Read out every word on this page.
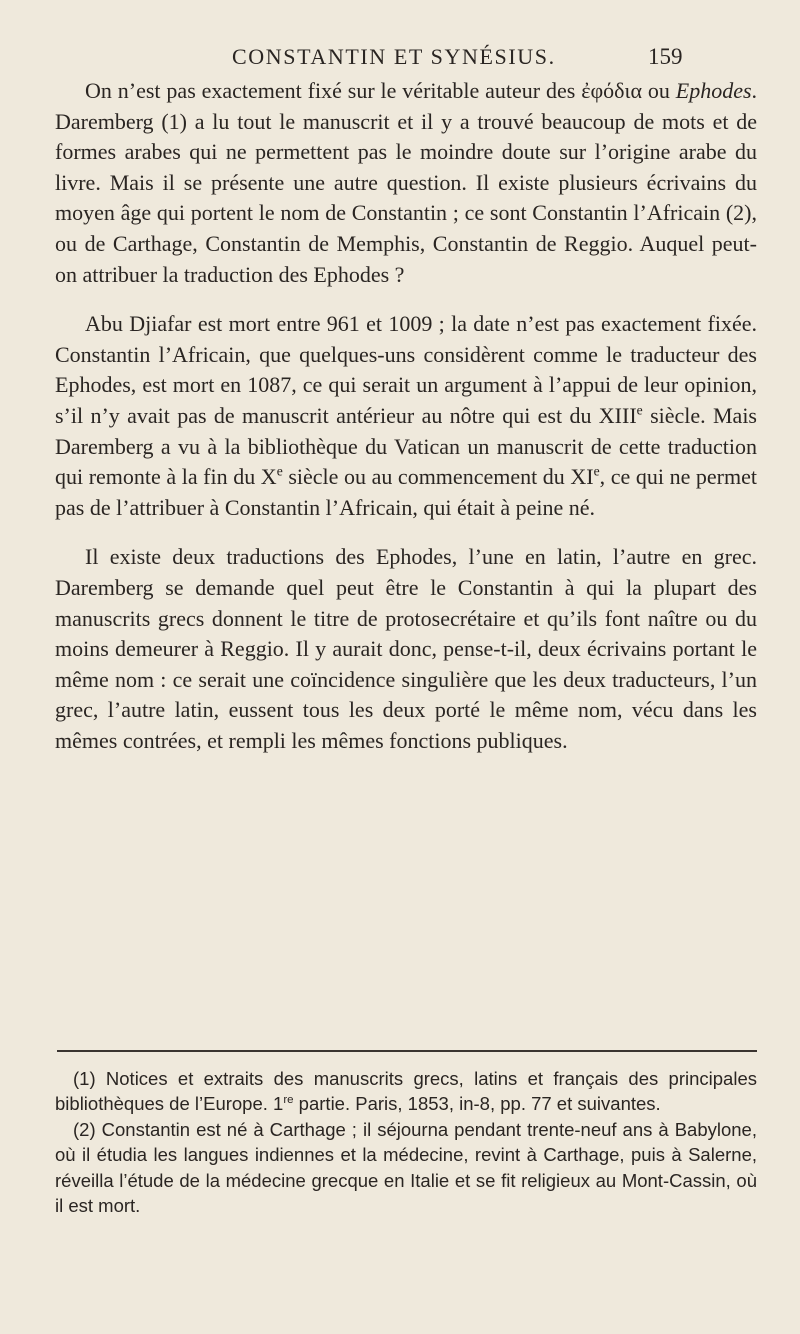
CONSTANTIN ET SYNÉSIUS.	159

On n’est pas exactement fixé sur le véritable auteur des ἐφόδια ou Ephodes. Daremberg (1) a lu tout le manuscrit et il y a trouvé beaucoup de mots et de formes arabes qui ne permettent pas le moindre doute sur l’origine arabe du livre. Mais il se présente une autre question. Il existe plusieurs écrivains du moyen âge qui portent le nom de Constantin ; ce sont Constantin l’Africain (2), ou de Carthage, Constantin de Memphis, Constantin de Reggio. Auquel peut-on attribuer la traduction des Ephodes ?

Abu Djiafar est mort entre 961 et 1009 ; la date n’est pas exactement fixée. Constantin l’Africain, que quelques-uns considèrent comme le traducteur des Ephodes, est mort en 1087, ce qui serait un argument à l’appui de leur opinion, s’il n’y avait pas de manuscrit antérieur au nôtre qui est du XIIIe siècle. Mais Daremberg a vu à la bibliothèque du Vatican un manuscrit de cette traduction qui remonte à la fin du Xe siècle ou au commencement du XIe, ce qui ne permet pas de l’attribuer à Constantin l’Africain, qui était à peine né.

Il existe deux traductions des Ephodes, l’une en latin, l’autre en grec. Daremberg se demande quel peut être le Constantin à qui la plupart des manuscrits grecs donnent le titre de protosecrétaire et qu’ils font naître ou du moins demeurer à Reggio. Il y aurait donc, pense-t-il, deux écrivains portant le même nom : ce serait une coïncidence singulière que les deux traducteurs, l’un grec, l’autre latin, eussent tous les deux porté le même nom, vécu dans les mêmes contrées, et rempli les mêmes fonctions publiques.

(1) Notices et extraits des manuscrits grecs, latins et français des principales bibliothèques de l’Europe. 1re partie. Paris, 1853, in-8, pp. 77 et suivantes.

(2) Constantin est né à Carthage ; il séjourna pendant trente-neuf ans à Babylone, où il étudia les langues indiennes et la médecine, revint à Carthage, puis à Salerne, réveilla l’étude de la médecine grecque en Italie et se fit religieux au Mont-Cassin, où il est mort.
